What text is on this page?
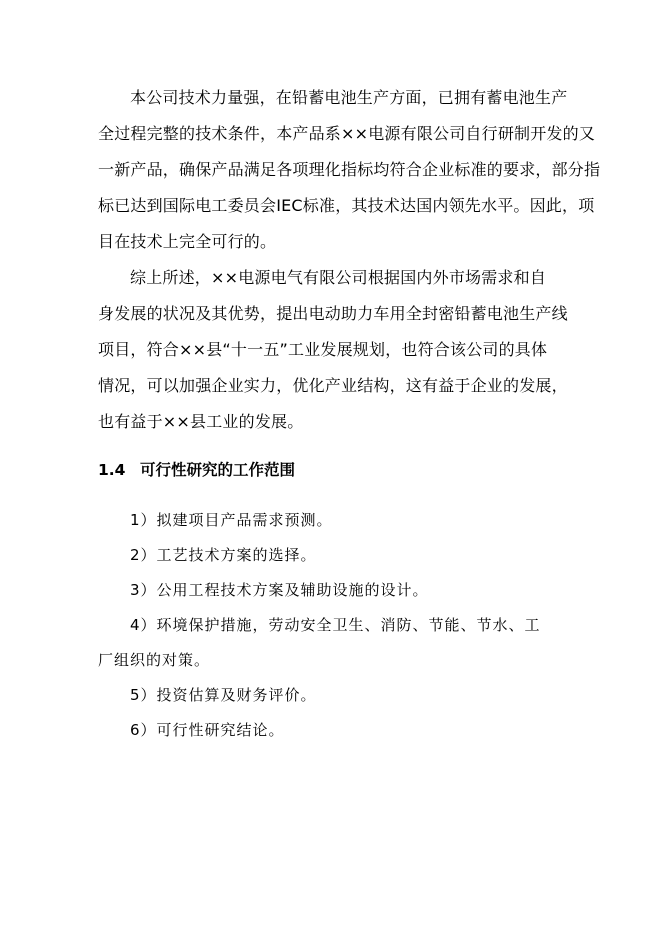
本公司技术力量强，在铅蓄电池生产方面，已拥有蓄电池生产
全过程完整的技术条件，本产品系××电源有限公司自行研制开发的又
一新产品，确保产品满足各项理化指标均符合企业标准的要求，部分指
标已达到国际电工委员会IEC标准，其技术达国内领先水平。因此，项
目在技术上完全可行的。
综上所述，××电源电气有限公司根据国内外市场需求和自
身发展的状况及其优势，提出电动助力车用全封密铅蓄电池生产线
项目，符合××县“十一五”工业发展规划，也符合该公司的具体
情况，可以加强企业实力，优化产业结构，这有益于企业的发展，
也有益于××县工业的发展。
1.4 可行性研究的工作范围
1）拟建项目产品需求预测。
2）工艺技术方案的选择。
3）公用工程技术方案及辅助设施的设计。
4）环境保护措施，劳动安全卫生、消防、节能、节水、工
厂组织的对策。
5）投资估算及财务评价。
6）可行性研究结论。
